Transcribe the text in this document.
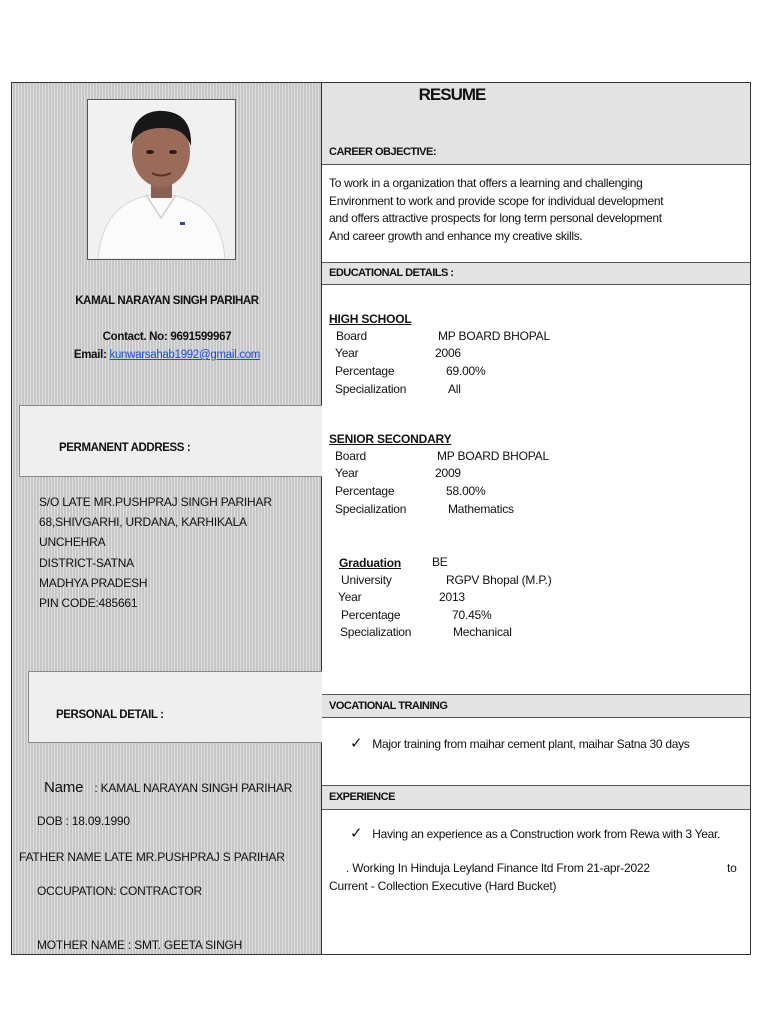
KAMAL NARAYAN SINGH PARIHAR
Contact. No: 9691599967
Email: kunwarsahab1992@gmail.com
PERMANENT ADDRESS :
S/O LATE MR.PUSHPRAJ SINGH PARIHAR
68,SHIVGARHI, URDANA, KARHIKALA
UNCHEHRA
DISTRICT-SATNA
MADHYA PRADESH
PIN CODE:485661
PERSONAL DETAIL :
Name : KAMAL NARAYAN SINGH PARIHAR
DOB : 18.09.1990
FATHER NAME LATE MR.PUSHPRAJ S PARIHAR
OCCUPATION: CONTRACTOR
MOTHER NAME : SMT. GEETA SINGH
RESUME
CAREER OBJECTIVE:
To work in a organization that offers a learning and challenging
Environment to work and provide scope for individual development
and offers attractive prospects for long term personal development
And career growth and enhance my creative skills.
EDUCATIONAL DETAILS :
HIGH SCHOOL
Board	MP BOARD BHOPAL
Year	2006
Percentage	69.00%
Specialization	All
SENIOR SECONDARY
Board	MP BOARD BHOPAL
Year	2009
Percentage	58.00%
Specialization	Mathematics
Graduation	BE
University	RGPV Bhopal (M.P.)
Year	2013
Percentage	70.45%
Specialization	Mechanical
VOCATIONAL TRAINING
✓ Major training from maihar cement plant, maihar Satna 30 days
EXPERIENCE
✓ Having an experience as a Construction work from Rewa with 3 Year.
. Working In Hinduja Leyland Finance ltd From 21-apr-2022	to
Current - Collection Executive (Hard Bucket)
